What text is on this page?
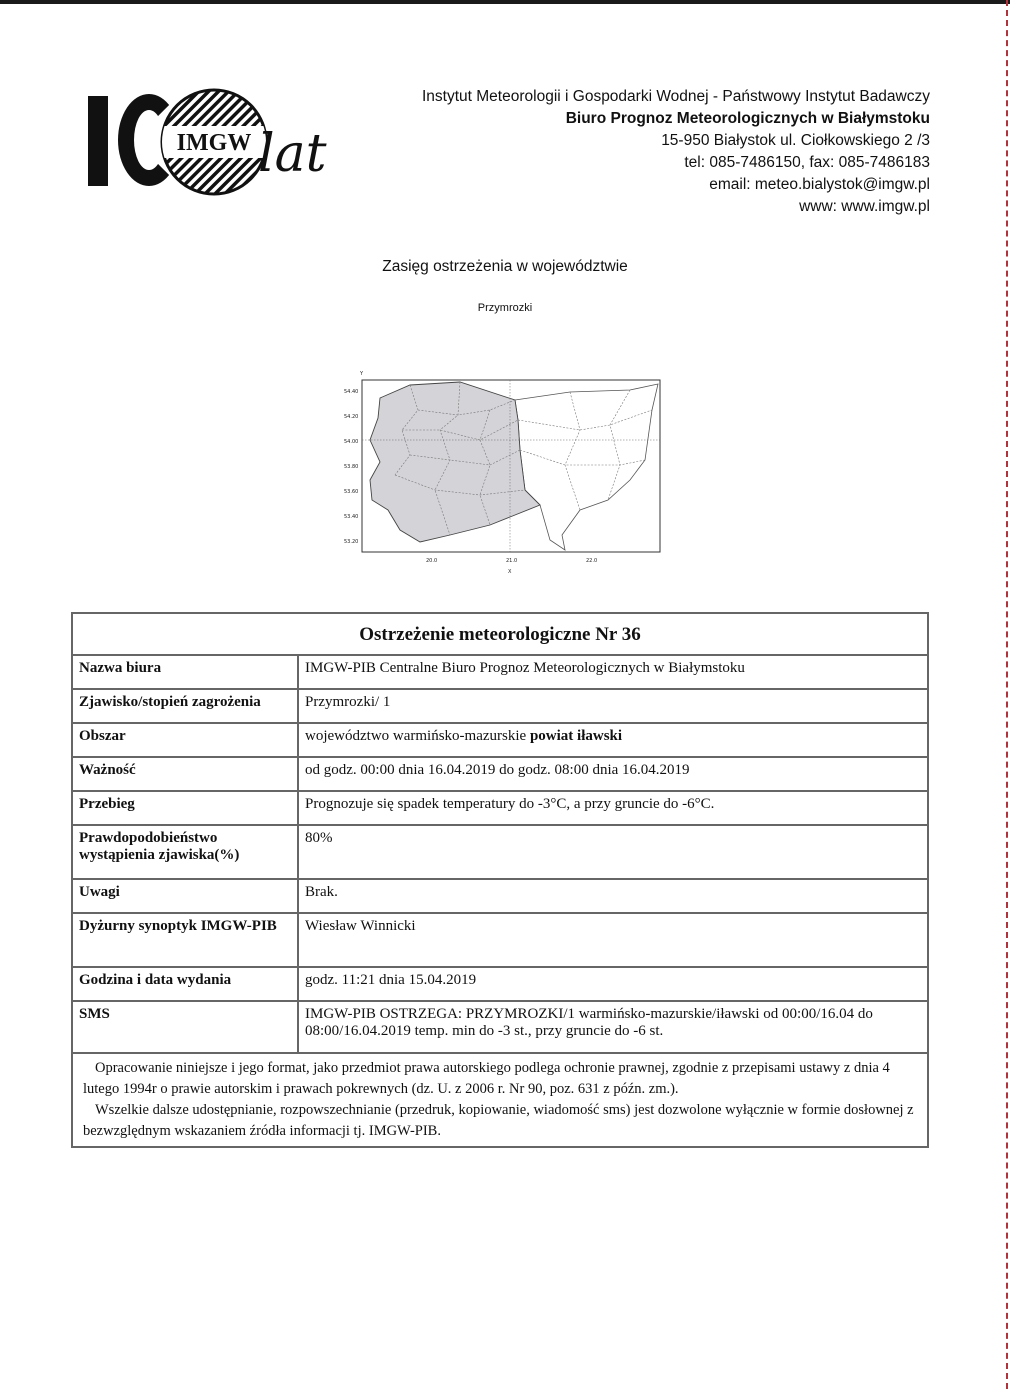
IMGW lat
Instytut Meteorologii i Gospodarki Wodnej - Państwowy Instytut Badawczy
Biuro Prognoz Meteorologicznych w Białymstoku
15-950 Białystok ul. Ciołkowskiego 2 /3
tel: 085-7486150, fax: 085-7486183
email: meteo.bialystok@imgw.pl
www: www.imgw.pl
Zasięg ostrzeżenia w województwie
Przymrozki
Y
X
54.40
54.20
54.00
53.80
53.60
53.40
53.20
20.0	21.0	22.0
Ostrzeżenie meteorologiczne Nr 36	
Nazwa biura	IMGW-PIB Centralne Biuro Prognoz Meteorologicznych w Białymstoku
Zjawisko/stopień zagrożenia	Przymrozki/ 1
Obszar	województwo warmińsko-mazurskie powiat iławski
Ważność	od godz. 00:00 dnia 16.04.2019 do godz. 08:00 dnia 16.04.2019
Przebieg	Prognozuje się spadek temperatury do -3°C, a przy gruncie do -6°C.
Prawdopodobieństwo wystąpienia zjawiska(%)	80%
Uwagi	Brak.
Dyżurny synoptyk IMGW-PIB	Wiesław Winnicki
Godzina i data wydania	godz. 11:21 dnia 15.04.2019
SMS	IMGW-PIB OSTRZEGA: PRZYMROZKI/1 warmińsko-mazurskie/iławski od 00:00/16.04 do 08:00/16.04.2019 temp. min do -3 st., przy gruncie do -6 st.

Opracowanie niniejsze i jego format, jako przedmiot prawa autorskiego podlega ochronie prawnej, zgodnie z przepisami ustawy z dnia 4 lutego 1994r o prawie autorskim i prawach pokrewnych (dz. U. z 2006 r. Nr 90, poz. 631 z późn. zm.).

Wszelkie dalsze udostępnianie, rozpowszechnianie (przedruk, kopiowanie, wiadomość sms) jest dozwolone wyłącznie w formie dosłownej z bezwzględnym wskazaniem źródła informacji tj. IMGW-PIB.	
